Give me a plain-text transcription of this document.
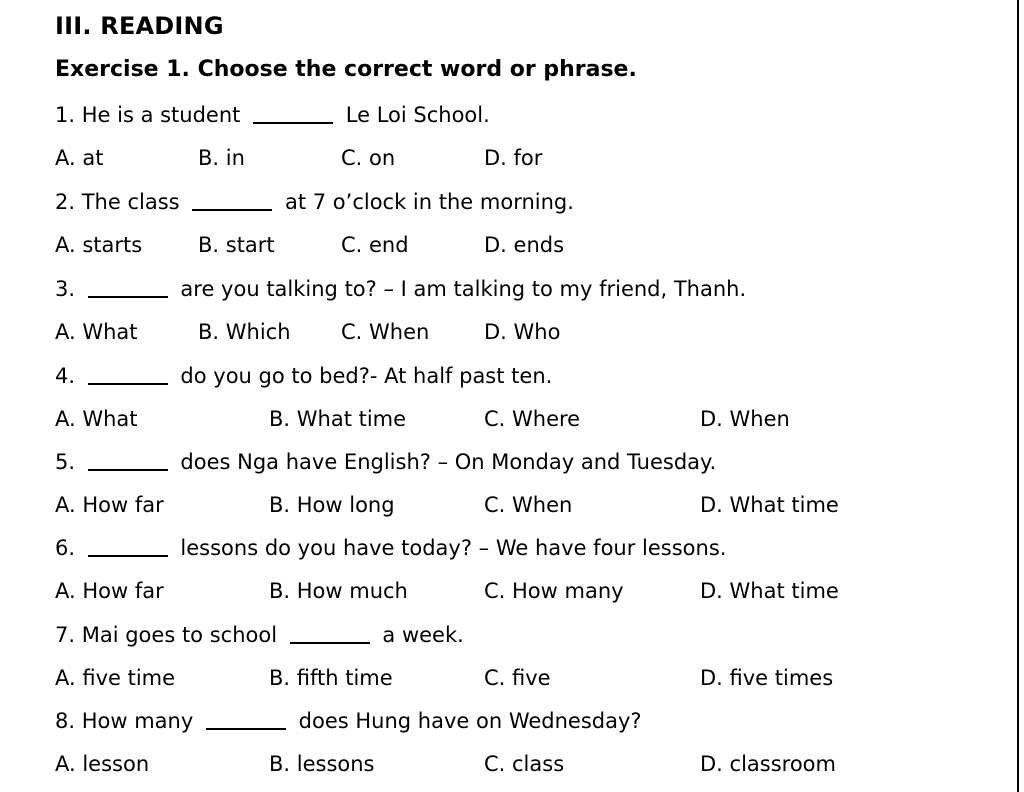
III. READING
Exercise 1. Choose the correct word or phrase.
1. He is a student	Le Loi School.
A. at	B. in	C. on	D. for
2. The class	at 7 o’clock in the morning.
A. starts	B. start	C. end	D. ends
3.	are you talking to? – I am talking to my friend, Thanh.
A. What	B. Which C. When	D. Who
4.	do you go to bed?- At half past ten.
A. What	B. What time	C. Where	D. When
5.	does Nga have English? – On Monday and Tuesday.
A. How far	B. How long	C. When	D. What time
6.	lessons do you have today? – We have four lessons.
A. How far	B. How much	C. How many	D. What time
7. Mai goes to school	a week.
A. five time	B. fifth time	C. five	D. five times
8. How many	does Hung have on Wednesday?
A. lesson	B. lessons	C. class	D. classroom
